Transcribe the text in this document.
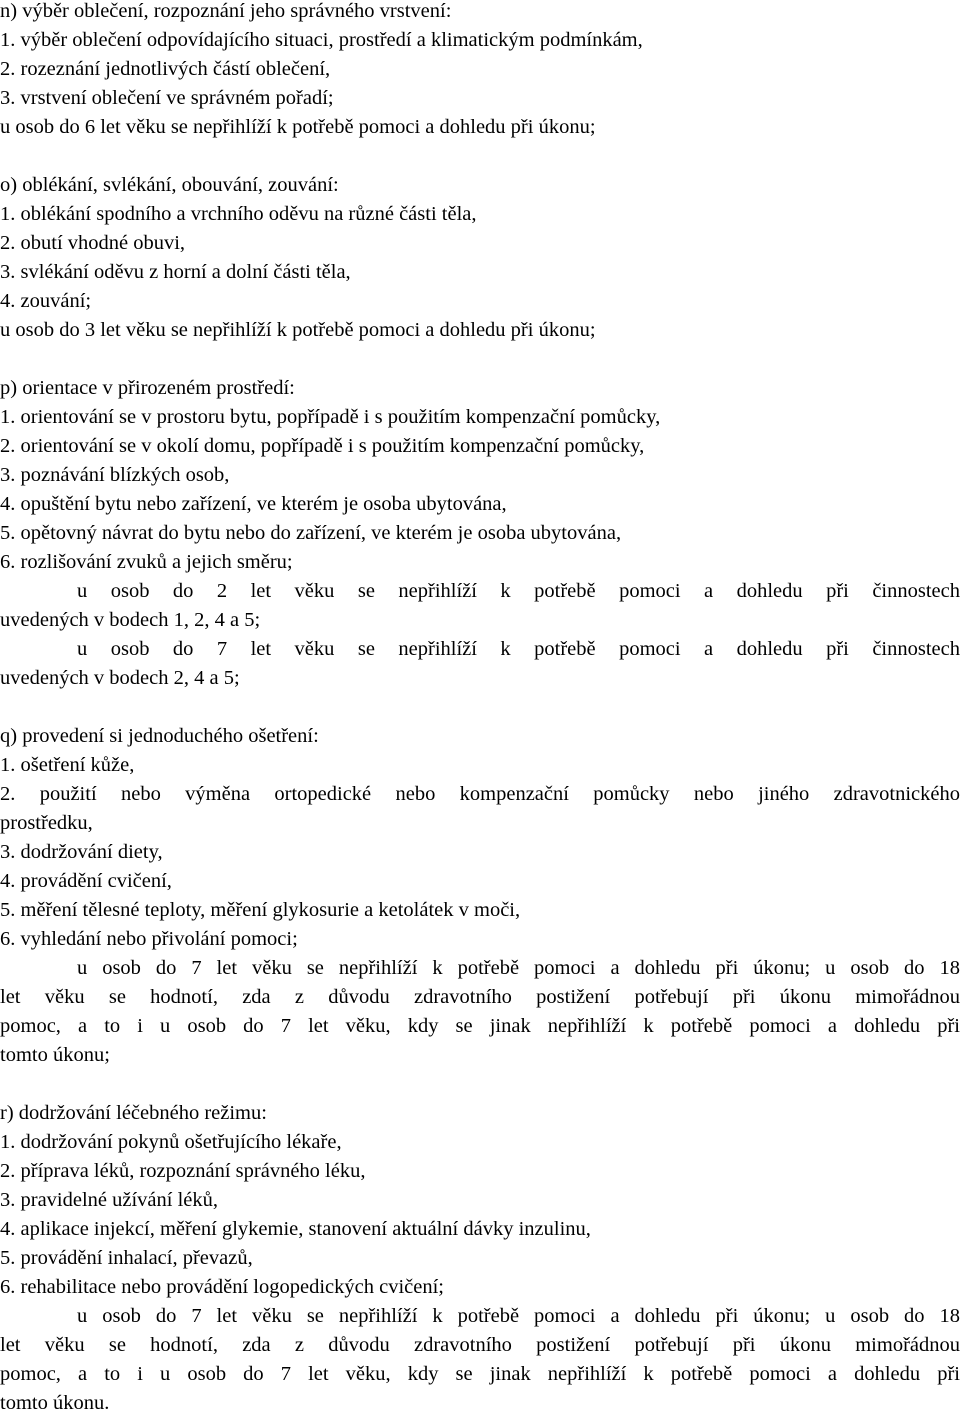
n) výběr oblečení, rozpoznání jeho správného vrstvení:
1. výběr oblečení odpovídajícího situaci, prostředí a klimatickým podmínkám,
2. rozeznání jednotlivých částí oblečení,
3. vrstvení oblečení ve správném pořadí;
u osob do 6 let věku se nepřihlíží k potřebě pomoci a dohledu při úkonu;
o) oblékání, svlékání, obouvání, zouvání:
1. oblékání spodního a vrchního oděvu na různé části těla,
2. obutí vhodné obuvi,
3. svlékání oděvu z horní a dolní části těla,
4. zouvání;
u osob do 3 let věku se nepřihlíží k potřebě pomoci a dohledu při úkonu;
p) orientace v přirozeném prostředí:
1. orientování se v prostoru bytu, popřípadě i s použitím kompenzační pomůcky,
2. orientování se v okolí domu, popřípadě i s použitím kompenzační pomůcky,
3. poznávání blízkých osob,
4. opuštění bytu nebo zařízení, ve kterém je osoba ubytována,
5. opětovný návrat do bytu nebo do zařízení, ve kterém je osoba ubytována,
6. rozlišování zvuků a jejich směru;
u osob do 2 let věku se nepřihlíží k potřebě pomoci a dohledu při činnostech
uvedených v bodech 1, 2, 4 a 5;
u osob do 7 let věku se nepřihlíží k potřebě pomoci a dohledu při činnostech
uvedených v bodech 2, 4 a 5;
q) provedení si jednoduchého ošetření:
1. ošetření kůže,
2. použití nebo výměna ortopedické nebo kompenzační pomůcky nebo jiného zdravotnického
prostředku,
3. dodržování diety,
4. provádění cvičení,
5. měření tělesné teploty, měření glykosurie a ketolátek v moči,
6. vyhledání nebo přivolání pomoci;
u osob do 7 let věku se nepřihlíží k potřebě pomoci a dohledu při úkonu; u osob do 18
let věku se hodnotí, zda z důvodu zdravotního postižení potřebují při úkonu mimořádnou
pomoc, a to i u osob do 7 let věku, kdy se jinak nepřihlíží k potřebě pomoci a dohledu při
tomto úkonu;
r) dodržování léčebného režimu:
1. dodržování pokynů ošetřujícího lékaře,
2. příprava léků, rozpoznání správného léku,
3. pravidelné užívání léků,
4. aplikace injekcí, měření glykemie, stanovení aktuální dávky inzulinu,
5. provádění inhalací, převazů,
6. rehabilitace nebo provádění logopedických cvičení;
u osob do 7 let věku se nepřihlíží k potřebě pomoci a dohledu při úkonu; u osob do 18
let věku se hodnotí, zda z důvodu zdravotního postižení potřebují při úkonu mimořádnou
pomoc, a to i u osob do 7 let věku, kdy se jinak nepřihlíží k potřebě pomoci a dohledu při
tomto úkonu.
